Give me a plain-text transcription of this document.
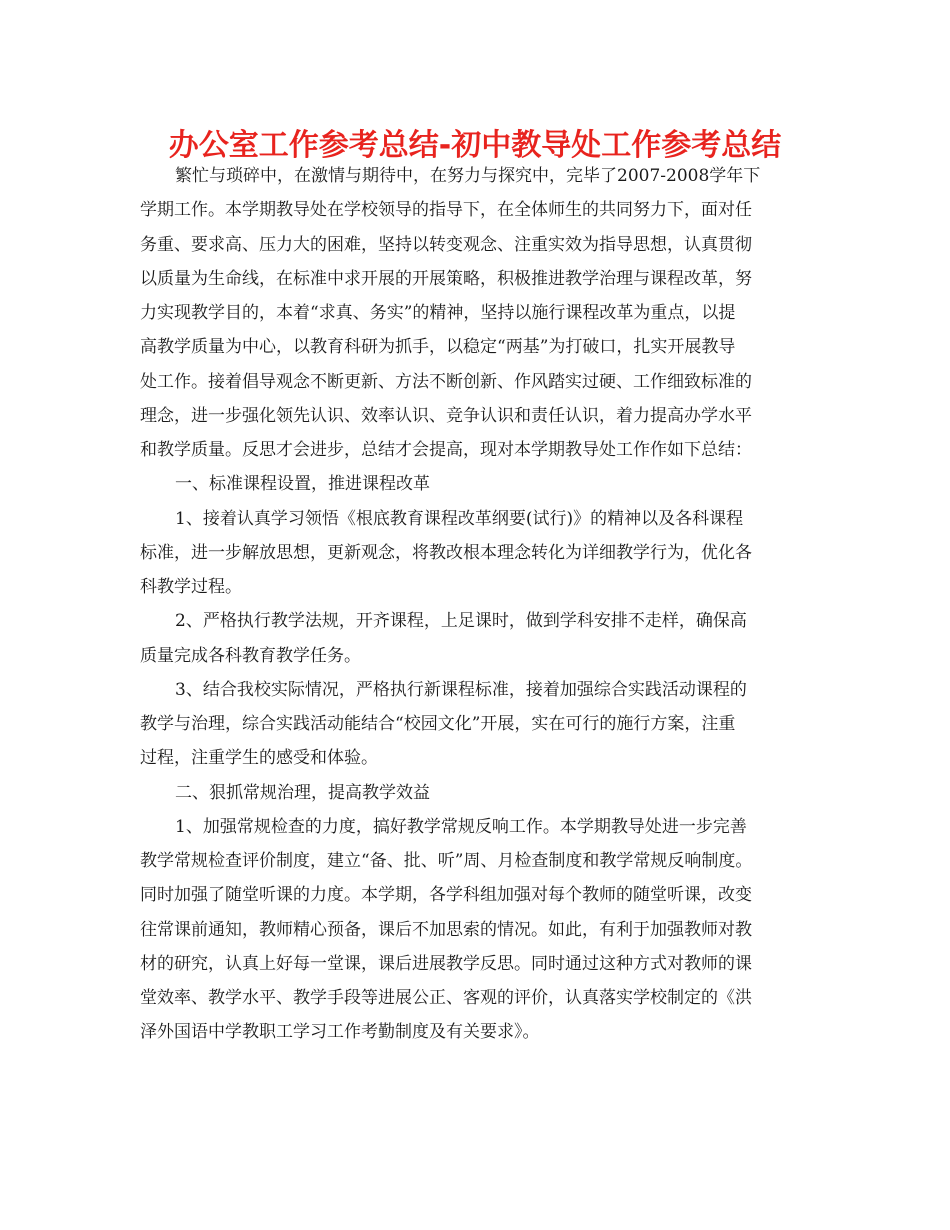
办公室工作参考总结-初中教导处工作参考总结

繁忙与琐碎中，在激情与期待中，在努力与探究中，完毕了2007-2008学年下

学期工作。本学期教导处在学校领导的指导下，在全体师生的共同努力下，面对任

务重、要求高、压力大的困难，坚持以转变观念、注重实效为指导思想，认真贯彻

以质量为生命线，在标准中求开展的开展策略，积极推进教学治理与课程改革，努

力实现教学目的，本着“求真、务实”的精神，坚持以施行课程改革为重点，以提

高教学质量为中心，以教育科研为抓手，以稳定“两基”为打破口，扎实开展教导

处工作。接着倡导观念不断更新、方法不断创新、作风踏实过硬、工作细致标准的

理念，进一步强化领先认识、效率认识、竞争认识和责任认识，着力提高办学水平

和教学质量。反思才会进步，总结才会提高，现对本学期教导处工作作如下总结：

一、标准课程设置，推进课程改革

1、接着认真学习领悟《根底教育课程改革纲要(试行)》的精神以及各科课程

标准，进一步解放思想，更新观念，将教改根本理念转化为详细教学行为，优化各

科教学过程。

2、严格执行教学法规，开齐课程，上足课时，做到学科安排不走样，确保高

质量完成各科教育教学任务。

3、结合我校实际情况，严格执行新课程标准，接着加强综合实践活动课程的

教学与治理，综合实践活动能结合“校园文化”开展，实在可行的施行方案，注重

过程，注重学生的感受和体验。

二、狠抓常规治理，提高教学效益

1、加强常规检查的力度，搞好教学常规反响工作。本学期教导处进一步完善

教学常规检查评价制度，建立“备、批、听”周、月检查制度和教学常规反响制度。

同时加强了随堂听课的力度。本学期，各学科组加强对每个教师的随堂听课，改变

往常课前通知，教师精心预备，课后不加思索的情况。如此，有利于加强教师对教

材的研究，认真上好每一堂课，课后进展教学反思。同时通过这种方式对教师的课

堂效率、教学水平、教学手段等进展公正、客观的评价，认真落实学校制定的《洪

泽外国语中学教职工学习工作考勤制度及有关要求》。
